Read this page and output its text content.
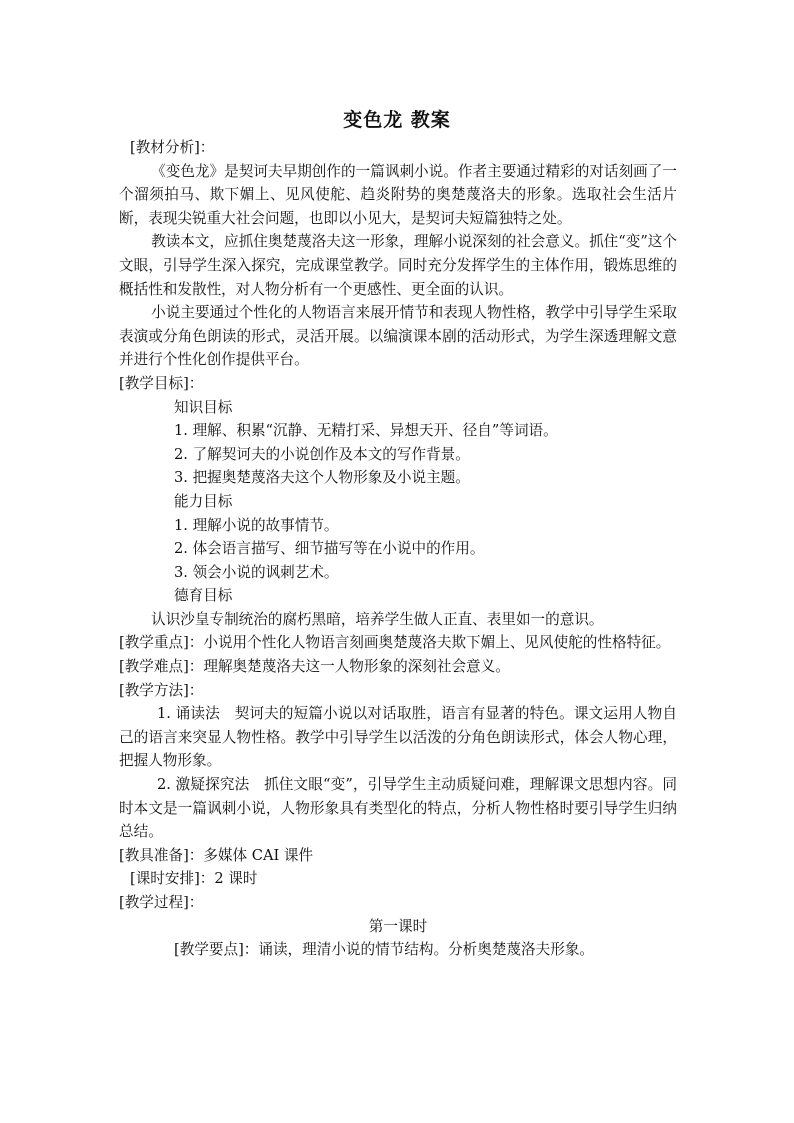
变色龙 教案

[教材分析]：

《变色龙》是契诃夫早期创作的一篇讽刺小说。作者主要通过精彩的对话刻画了一个溜须拍马、欺下媚上、见风使舵、趋炎附势的奥楚蔑洛夫的形象。选取社会生活片断，表现尖锐重大社会问题，也即以小见大，是契诃夫短篇独特之处。

教读本文，应抓住奥楚蔑洛夫这一形象，理解小说深刻的社会意义。抓住“变”这个文眼，引导学生深入探究，完成课堂教学。同时充分发挥学生的主体作用，锻炼思维的概括性和发散性，对人物分析有一个更感性、更全面的认识。

小说主要通过个性化的人物语言来展开情节和表现人物性格，教学中引导学生采取表演或分角色朗读的形式，灵活开展。以编演课本剧的活动形式，为学生深透理解文意并进行个性化创作提供平台。

[教学目标]：

知识目标

1. 理解、积累“沉静、无精打采、异想天开、径自”等词语。

2. 了解契诃夫的小说创作及本文的写作背景。

3. 把握奥楚蔑洛夫这个人物形象及小说主题。

能力目标

1. 理解小说的故事情节。

2. 体会语言描写、细节描写等在小说中的作用。

3. 领会小说的讽刺艺术。

德育目标

认识沙皇专制统治的腐朽黑暗，培养学生做人正直、表里如一的意识。

[教学重点]：小说用个性化人物语言刻画奥楚蔑洛夫欺下媚上、见风使舵的性格特征。

[教学难点]：理解奥楚蔑洛夫这一人物形象的深刻社会意义。

[教学方法]：

1. 诵读法　契诃夫的短篇小说以对话取胜，语言有显著的特色。课文运用人物自己的语言来突显人物性格。教学中引导学生以活泼的分角色朗读形式，体会人物心理，把握人物形象。

2. 激疑探究法　抓住文眼“变”，引导学生主动质疑问难，理解课文思想内容。同时本文是一篇讽刺小说，人物形象具有类型化的特点，分析人物性格时要引导学生归纳总结。

[教具准备]：多媒体 CAI 课件

[课时安排]：2 课时

[教学过程]：

第一课时

[教学要点]：诵读，理清小说的情节结构。分析奥楚蔑洛夫形象。
